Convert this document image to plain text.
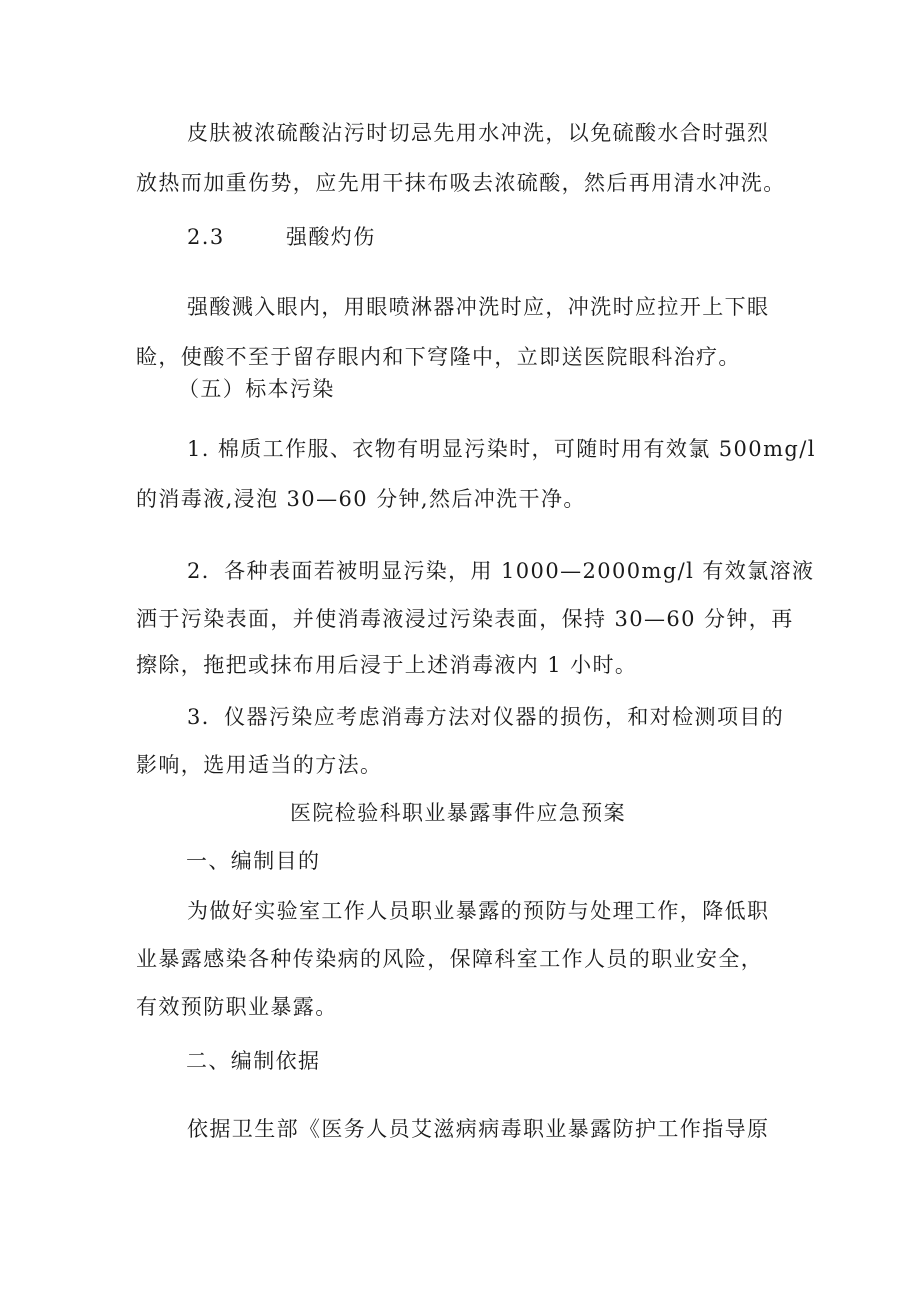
皮肤被浓硫酸沾污时切忌先用水冲洗，以免硫酸水合时强烈
放热而加重伤势，应先用干抹布吸去浓硫酸，然后再用清水冲洗。
2.3	强酸灼伤
强酸溅入眼内，用眼喷淋器冲洗时应，冲洗时应拉开上下眼
睑，使酸不至于留存眼内和下穹隆中，立即送医院眼科治疗。
（五）标本污染
1. 棉质工作服、衣物有明显污染时，可随时用有效氯 500mg/l
的消毒液,浸泡 30—60 分钟,然后冲洗干净。
2．各种表面若被明显污染，用 1000—2000mg/l 有效氯溶液
洒于污染表面，并使消毒液浸过污染表面，保持 30—60 分钟，再
擦除，拖把或抹布用后浸于上述消毒液内 1 小时。
3．仪器污染应考虑消毒方法对仪器的损伤，和对检测项目的
影响，选用适当的方法。
医院检验科职业暴露事件应急预案
一、编制目的
为做好实验室工作人员职业暴露的预防与处理工作，降低职
业暴露感染各种传染病的风险，保障科室工作人员的职业安全，
有效预防职业暴露。
二、编制依据
依据卫生部《医务人员艾滋病病毒职业暴露防护工作指导原
